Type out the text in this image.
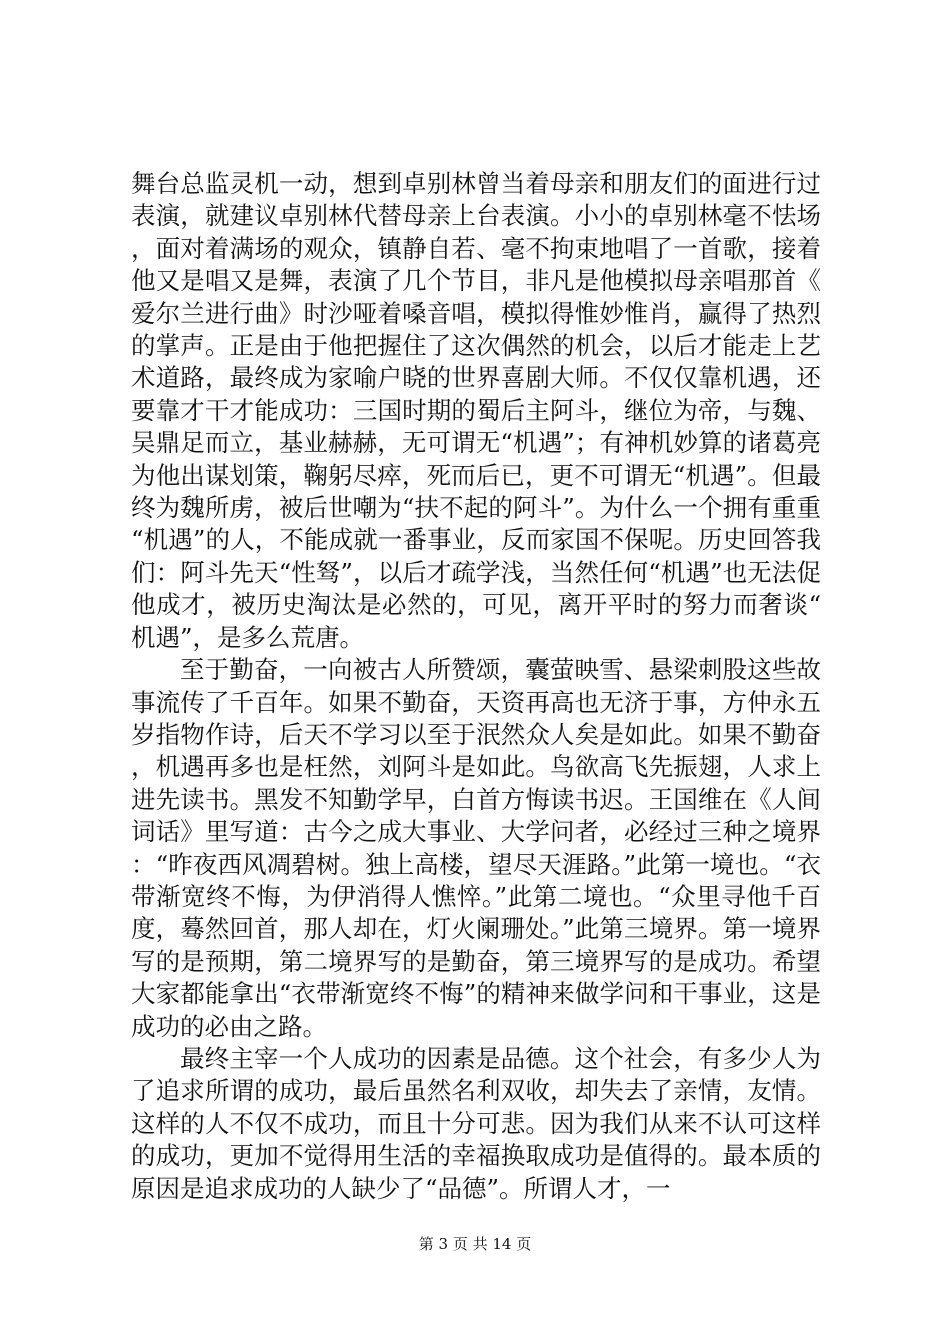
舞台总监灵机一动，想到卓别林曾当着母亲和朋友们的面进行过表演，就建议卓别林代替母亲上台表演。小小的卓别林毫不怯场，面对着满场的观众，镇静自若、毫不拘束地唱了一首歌，接着他又是唱又是舞，表演了几个节目，非凡是他模拟母亲唱那首《爱尔兰进行曲》时沙哑着嗓音唱，模拟得惟妙惟肖，赢得了热烈的掌声。正是由于他把握住了这次偶然的机会，以后才能走上艺术道路，最终成为家喻户晓的世界喜剧大师。不仅仅靠机遇，还要靠才干才能成功：三国时期的蜀后主阿斗，继位为帝，与魏、吴鼎足而立，基业赫赫，无可谓无“机遇”；有神机妙算的诸葛亮为他出谋划策，鞠躬尽瘁，死而后已，更不可谓无“机遇”。但最终为魏所虏，被后世嘲为“扶不起的阿斗”。为什么一个拥有重重“机遇”的人，不能成就一番事业，反而家国不保呢。历史回答我们：阿斗先天“性驽”，以后才疏学浅，当然任何“机遇”也无法促他成才，被历史淘汰是必然的，可见，离开平时的努力而奢谈“机遇”，是多么荒唐。

至于勤奋，一向被古人所赞颂，囊萤映雪、悬梁刺股这些故事流传了千百年。如果不勤奋，天资再高也无济于事，方仲永五岁指物作诗，后天不学习以至于泯然众人矣是如此。如果不勤奋，机遇再多也是枉然，刘阿斗是如此。鸟欲高飞先振翅，人求上进先读书。黑发不知勤学早，白首方悔读书迟。王国维在《人间词话》里写道：古今之成大事业、大学问者，必经过三种之境界：“昨夜西风凋碧树。独上高楼，望尽天涯路。”此第一境也。“衣带渐宽终不悔，为伊消得人憔悴。”此第二境也。“众里寻他千百度，蓦然回首，那人却在，灯火阑珊处。”此第三境界。第一境界写的是预期，第二境界写的是勤奋，第三境界写的是成功。希望大家都能拿出“衣带渐宽终不悔”的精神来做学问和干事业，这是成功的必由之路。

最终主宰一个人成功的因素是品德。这个社会，有多少人为了追求所谓的成功，最后虽然名利双收，却失去了亲情，友情。这样的人不仅不成功，而且十分可悲。因为我们从来不认可这样的成功，更加不觉得用生活的幸福换取成功是值得的。最本质的原因是追求成功的人缺少了“品德”。所谓人才，一

第 3 页 共 14 页
